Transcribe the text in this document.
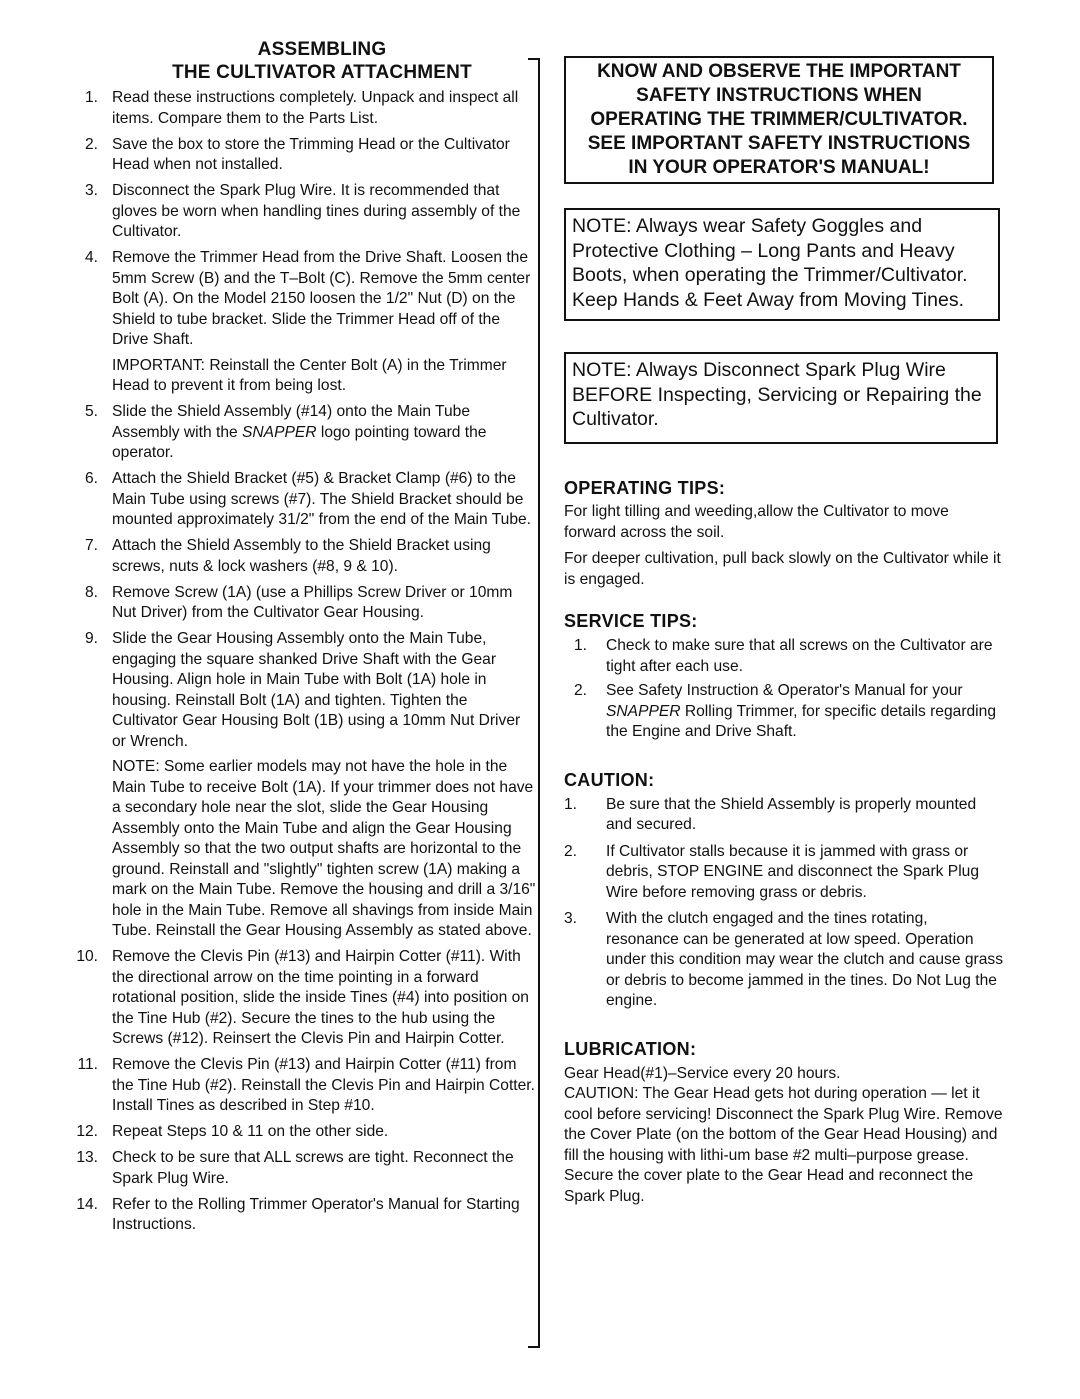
ASSEMBLING
THE CULTIVATOR ATTACHMENT
1. Read these instructions completely. Unpack and inspect all items. Compare them to the Parts List.

2. Save the box to store the Trimming Head or the Cultivator Head when not installed.

3. Disconnect the Spark Plug Wire. It is recommended that gloves be worn when handling tines during assembly of the Cultivator.

4. Remove the Trimmer Head from the Drive Shaft. Loosen the 5mm Screw (B) and the T–Bolt (C). Remove the 5mm center Bolt (A). On the Model 2150 loosen the 1/2" Nut (D) on the Shield to tube bracket. Slide the Trimmer Head off of the Drive Shaft.

IMPORTANT: Reinstall the Center Bolt (A) in the Trimmer Head to prevent it from being lost.

5. Slide the Shield Assembly (#14) onto the Main Tube Assembly with the SNAPPER logo pointing toward the operator.

6. Attach the Shield Bracket (#5) & Bracket Clamp (#6) to the Main Tube using screws (#7). The Shield Bracket should be mounted approximately 31/2" from the end of the Main Tube.

7. Attach the Shield Assembly to the Shield Bracket using screws, nuts & lock washers (#8, 9 & 10).

8. Remove Screw (1A) (use a Phillips Screw Driver or 10mm Nut Driver) from the Cultivator Gear Housing.

9. Slide the Gear Housing Assembly onto the Main Tube, engaging the square shanked Drive Shaft with the Gear Housing. Align hole in Main Tube with Bolt (1A) hole in housing. Reinstall Bolt (1A) and tighten. Tighten the Cultivator Gear Housing Bolt (1B) using a 10mm Nut Driver or Wrench.

NOTE: Some earlier models may not have the hole in the Main Tube to receive Bolt (1A). If your trimmer does not have a secondary hole near the slot, slide the Gear Housing Assembly onto the Main Tube and align the Gear Housing Assembly so that the two output shafts are horizontal to the ground. Reinstall and "slightly" tighten screw (1A) making a mark on the Main Tube. Remove the housing and drill a 3/16" hole in the Main Tube. Remove all shavings from inside Main Tube. Reinstall the Gear Housing Assembly as stated above.

10. Remove the Clevis Pin (#13) and Hairpin Cotter (#11). With the directional arrow on the time pointing in a forward rotational position, slide the inside Tines (#4) into position on the Tine Hub (#2). Secure the tines to the hub using the Screws (#12). Reinsert the Clevis Pin and Hairpin Cotter.

11. Remove the Clevis Pin (#13) and Hairpin Cotter (#11) from the Tine Hub (#2). Reinstall the Clevis Pin and Hairpin Cotter. Install Tines as described in Step #10.

12. Repeat Steps 10 & 11 on the other side.

13. Check to be sure that ALL screws are tight. Reconnect the Spark Plug Wire.

14. Refer to the Rolling Trimmer Operator's Manual for Starting Instructions.

KNOW AND OBSERVE THE IMPORTANT
SAFETY INSTRUCTIONS WHEN
OPERATING THE TRIMMER/CULTIVATOR.
SEE IMPORTANT SAFETY INSTRUCTIONS
IN YOUR OPERATOR'S MANUAL!
NOTE: Always wear Safety Goggles and Protective Clothing – Long Pants and Heavy Boots, when operating the Trimmer/Cultivator. Keep Hands & Feet Away from Moving Tines.
NOTE: Always Disconnect Spark Plug Wire BEFORE Inspecting, Servicing or Repairing the Cultivator.
OPERATING TIPS:

For light tilling and weeding,allow the Cultivator to move forward across the soil.

For deeper cultivation, pull back slowly on the Cultivator while it is engaged.

SERVICE TIPS:
1. Check to make sure that all screws on the Cultivator are tight after each use.
2. See Safety Instruction & Operator's Manual for your SNAPPER Rolling Trimmer, for specific details regarding the Engine and Drive Shaft.
CAUTION:
1. Be sure that the Shield Assembly is properly mounted and secured.
2. If Cultivator stalls because it is jammed with grass or debris, STOP ENGINE and disconnect the Spark Plug Wire before removing grass or debris.
3. With the clutch engaged and the tines rotating, resonance can be generated at low speed. Operation under this condition may wear the clutch and cause grass or debris to become jammed in the tines. Do Not Lug the engine.
LUBRICATION:
Gear Head(#1)–Service every 20 hours.
CAUTION: The Gear Head gets hot during operation — let it cool before servicing! Disconnect the Spark Plug Wire. Remove the Cover Plate (on the bottom of the Gear Head Housing) and fill the housing with lithi-um base #2 multi–purpose grease. Secure the cover plate to the Gear Head and reconnect the Spark Plug.
